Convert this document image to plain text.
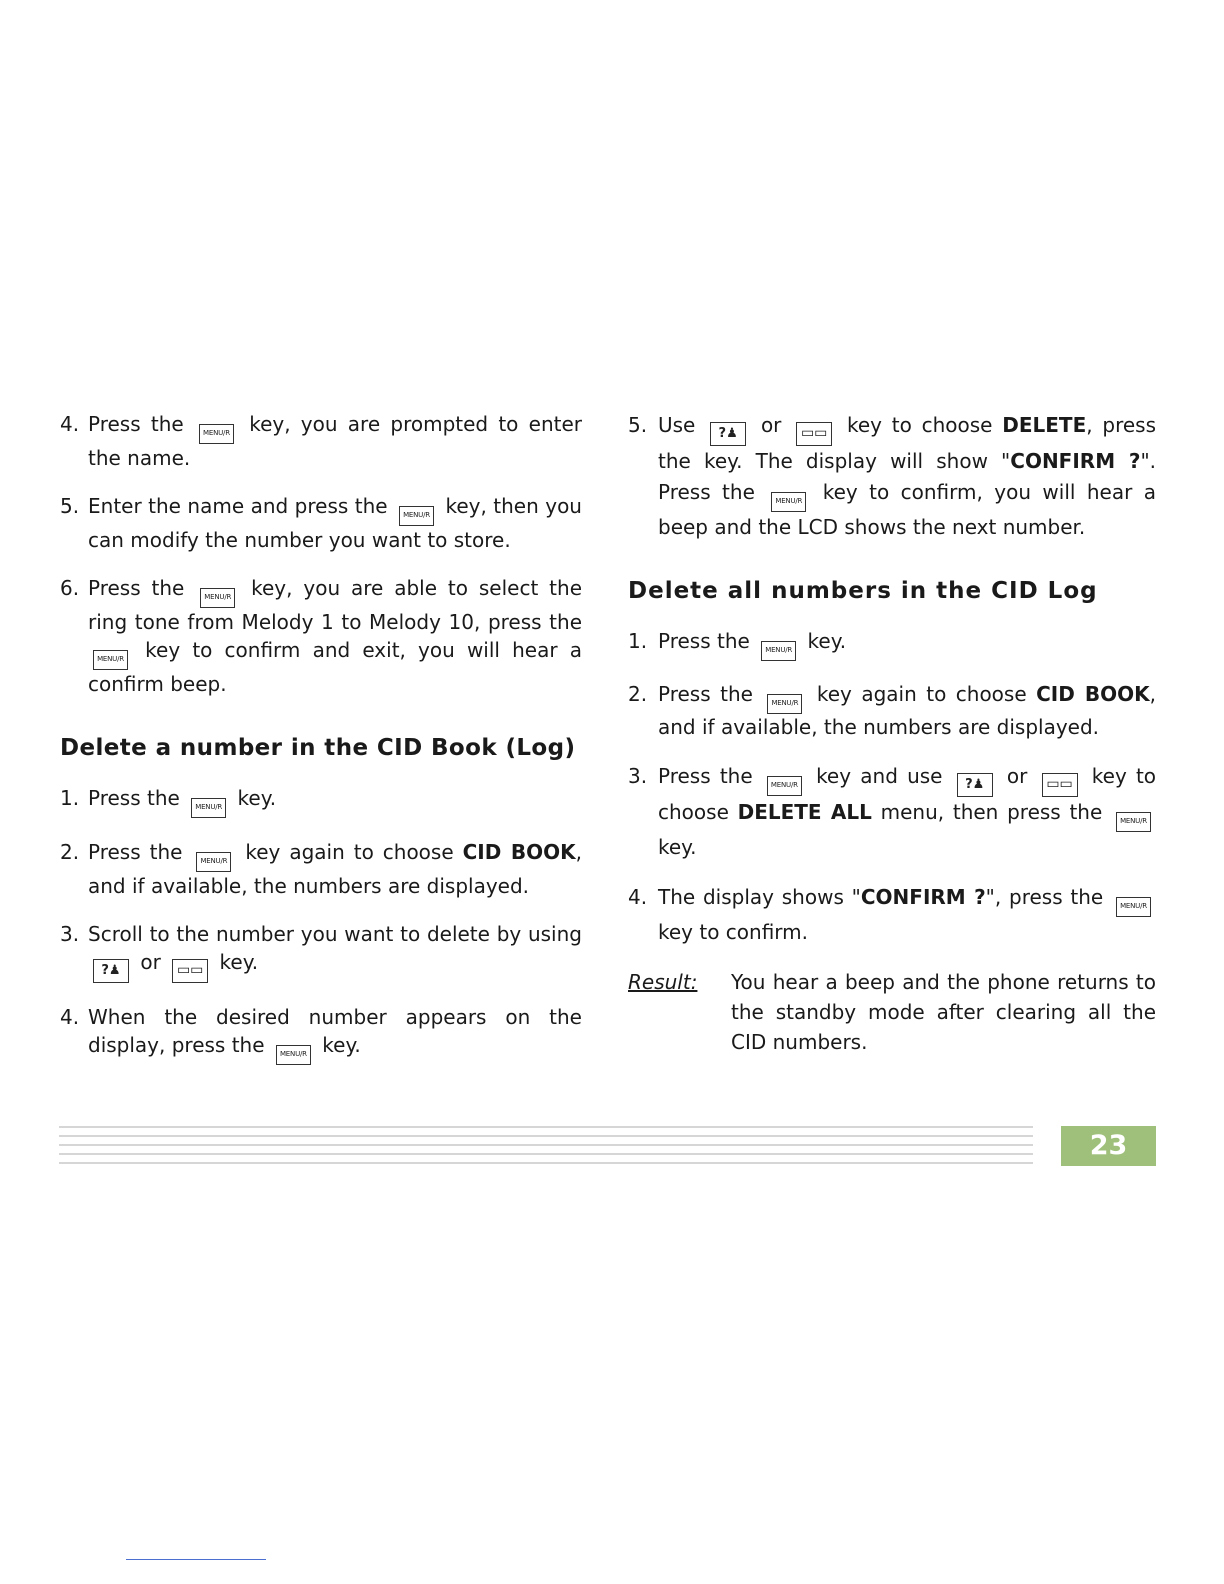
4. Press the	MENU/R key, you are prompted to enter the name.
5. Enter the name and press the MENU/R key, then you can modify the number you want to store.
6. Press the	MENU/R key, you are able to select the ring tone from Melody 1 to Melody 10, press the MENU/R key to confirm and exit, you will hear a confirm beep.
Delete a number in the CID Book (Log)
1. Press the MENU/R key.
2. Press the	MENU/R key again to choose CID BOOK, and if available, the numbers are displayed.
3. Scroll to the number you want to delete by using ?♟ or ▭▭ key.
4. When the desired number appears on the display, press the MENU/R key.
5. Use ?♟ or ▭▭ key to choose DELETE, press the key. The display will show "CONFIRM ?". Press the	MENU/R key to confirm, you will hear a beep and the LCD shows the next number.
Delete all numbers in the CID Log
1. Press the MENU/R key.
2. Press the	MENU/R key again to choose CID BOOK, and if available, the numbers are displayed.
3. Press the	MENU/R key and use ?♟ or ▭▭ key to choose DELETE ALL menu, then press the	MENU/R key.
4. The display shows "CONFIRM ?", press the MENU/R key to confirm.
Result: You hear a beep and the phone returns to the standby mode after clearing all the CID numbers.
23
